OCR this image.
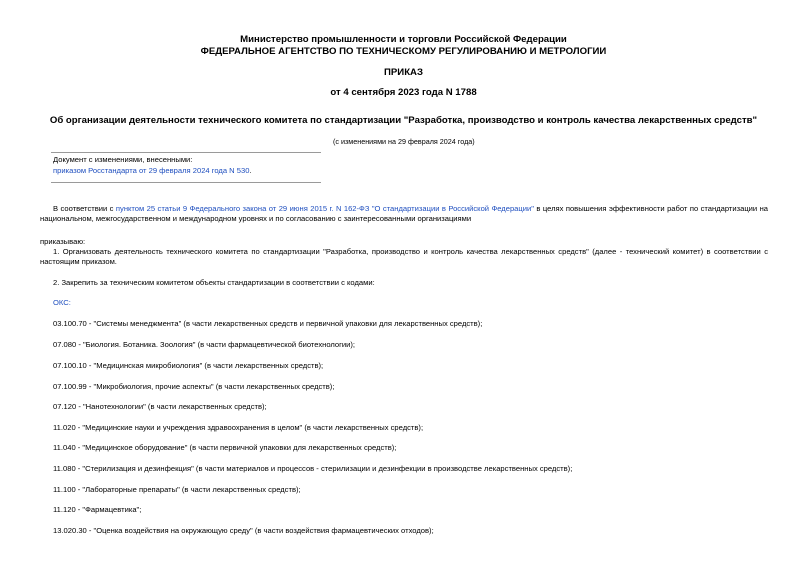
Министерство промышленности и торговли Российской Федерации
ФЕДЕРАЛЬНОЕ АГЕНТСТВО ПО ТЕХНИЧЕСКОМУ РЕГУЛИРОВАНИЮ И МЕТРОЛОГИИ
ПРИКАЗ
от 4 сентября 2023 года N 1788
Об организации деятельности технического комитета по стандартизации "Разработка, производство и контроль качества лекарственных средств"
(с изменениями на 29 февраля 2024 года)
Документ с изменениями, внесенными:
приказом Росстандарта от 29 февраля 2024 года N 530.
В соответствии с пунктом 25 статьи 9 Федерального закона от 29 июня 2015 г. N 162-ФЗ "О стандартизации в Российской Федерации" в целях повышения эффективности работ по стандартизации на национальном, межгосударственном и международном уровнях и по согласованию с заинтересованными организациями
приказываю:
1. Организовать деятельность технического комитета по стандартизации "Разработка, производство и контроль качества лекарственных средств" (далее - технический комитет) в соответствии с настоящим приказом.
2. Закрепить за техническим комитетом объекты стандартизации в соответствии с кодами:
ОКС:
03.100.70 - "Системы менеджмента" (в части лекарственных средств и первичной упаковки для лекарственных средств);
07.080 - "Биология. Ботаника. Зоология" (в части фармацевтической биотехнологии);
07.100.10 - "Медицинская микробиология" (в части лекарственных средств);
07.100.99 - "Микробиология, прочие аспекты" (в части лекарственных средств);
07.120 - "Нанотехнологии" (в части лекарственных средств);
11.020 - "Медицинские науки и учреждения здравоохранения в целом" (в части лекарственных средств);
11.040 - "Медицинское оборудование" (в части первичной упаковки для лекарственных средств);
11.080 - "Стерилизация и дезинфекция" (в части материалов и процессов - стерилизации и дезинфекции в производстве лекарственных средств);
11.100 - "Лабораторные препараты" (в части лекарственных средств);
11.120 - "Фармацевтика";
13.020.30 - "Оценка воздействия на окружающую среду" (в части воздействия фармацевтических отходов);
